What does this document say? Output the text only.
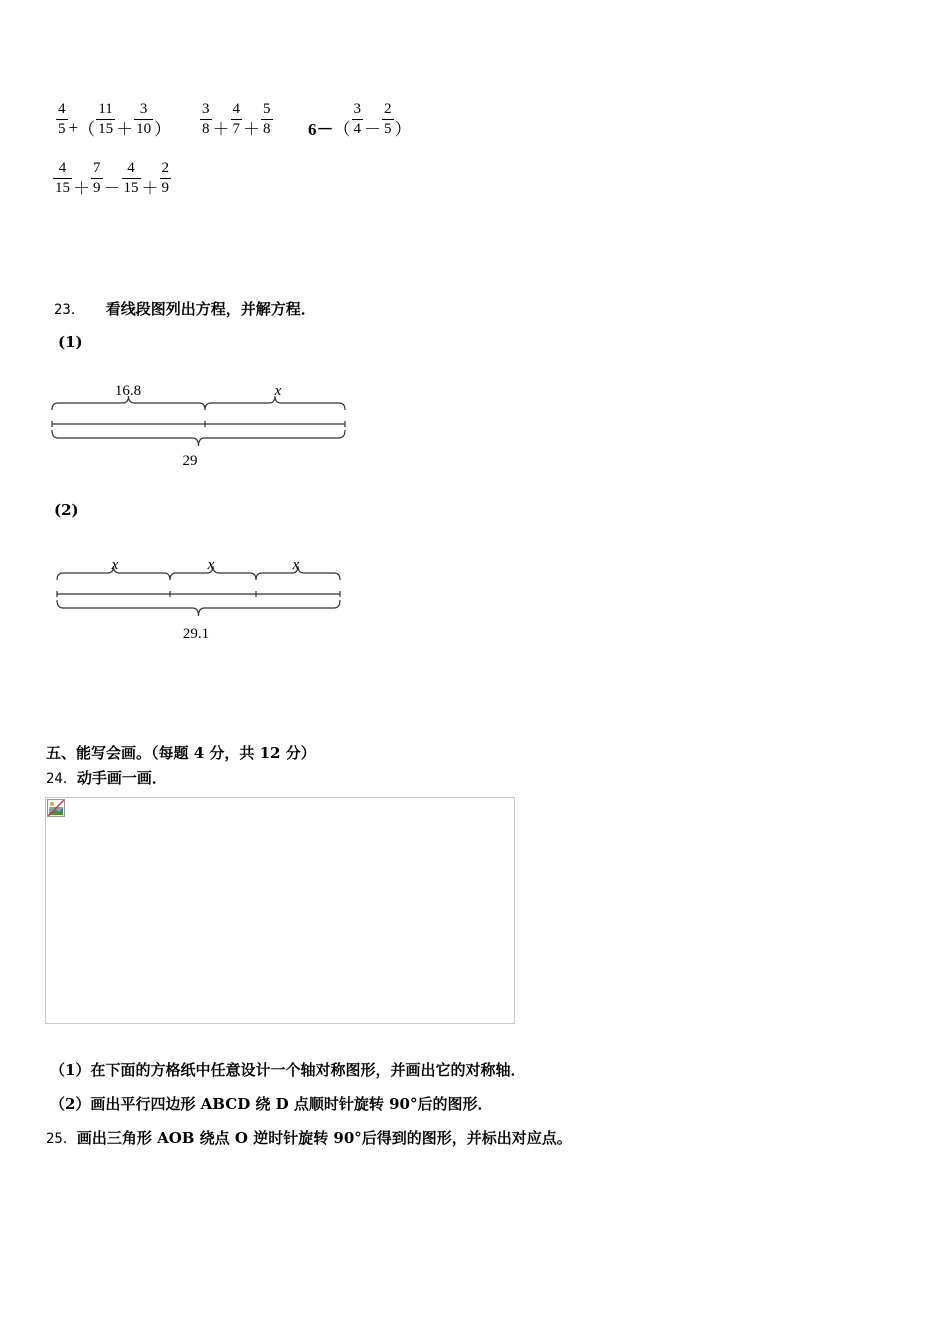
$\frac{4}{5}$ + （ $\frac{11}{15} + \frac{3}{10}$ ） $\frac{3}{8} + \frac{4}{7} + \frac{5}{8} 6-$ （ $\frac{3}{4} - \frac{2}{5}$ ）
$\frac{4}{15} + \frac{7}{9} - \frac{4}{15} + \frac{2}{9}$
23． 看线段图列出方程，并解方程．
(1)
16.8	x
29
(2)
x	x	x
29.1
五、能写会画。（每题 4 分，共 12 分）
24．动手画一画．
（1）在下面的方格纸中任意设计一个轴对称图形，并画出它的对称轴．
（2）画出平行四边形 ABCD 绕 D 点顺时针旋转 90°后的图形．
25．画出三角形 AOB 绕点 O 逆时针旋转 90°后得到的图形，并标出对应点。
